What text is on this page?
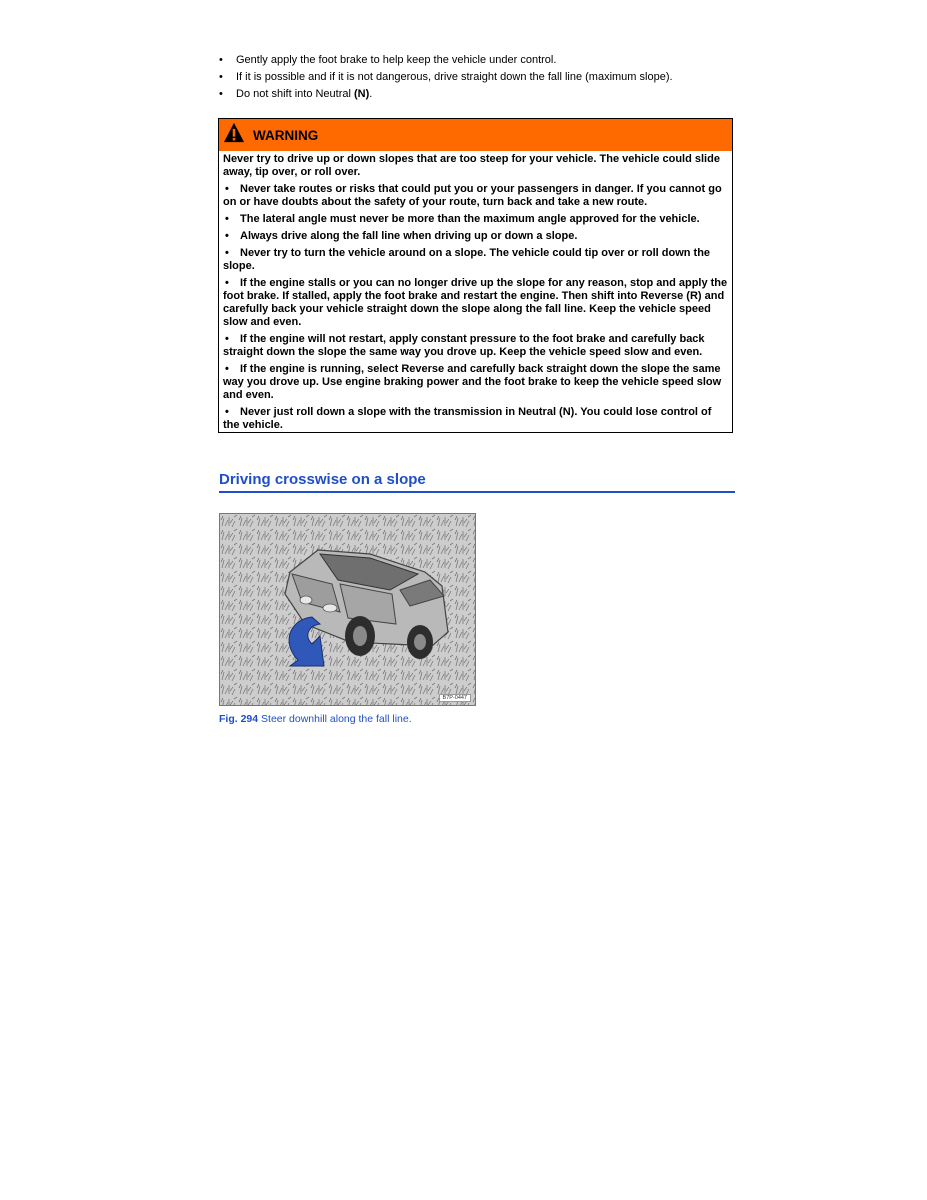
•	Gently apply the foot brake to help keep the vehicle under control.
•	If it is possible and if it is not dangerous, drive straight down the fall line (maximum slope).
•	Do not shift into Neutral (N).
WARNING
Never try to drive up or down slopes that are too steep for your vehicle. The vehicle could slide away, tip over, or roll over.
• Never take routes or risks that could put you or your passengers in danger. If you cannot go on or have doubts about the safety of your route, turn back and take a new route.
• The lateral angle must never be more than the maximum angle approved for the vehicle.
• Always drive along the fall line when driving up or down a slope.
• Never try to turn the vehicle around on a slope. The vehicle could tip over or roll down the slope.
• If the engine stalls or you can no longer drive up the slope for any reason, stop and apply the foot brake. If stalled, apply the foot brake and restart the engine. Then shift into Reverse (R) and carefully back your vehicle straight down the slope along the fall line. Keep the vehicle speed slow and even.
• If the engine will not restart, apply constant pressure to the foot brake and carefully back straight down the slope the same way you drove up. Keep the vehicle speed slow and even.
• If the engine is running, select Reverse and carefully back straight down the slope the same way you drove up. Use engine braking power and the foot brake to keep the vehicle speed slow and even.
• Never just roll down a slope with the transmission in Neutral (N). You could lose control of the vehicle.
Driving crosswise on a slope
B7P-0447
Fig. 294 Steer downhill along the fall line.
